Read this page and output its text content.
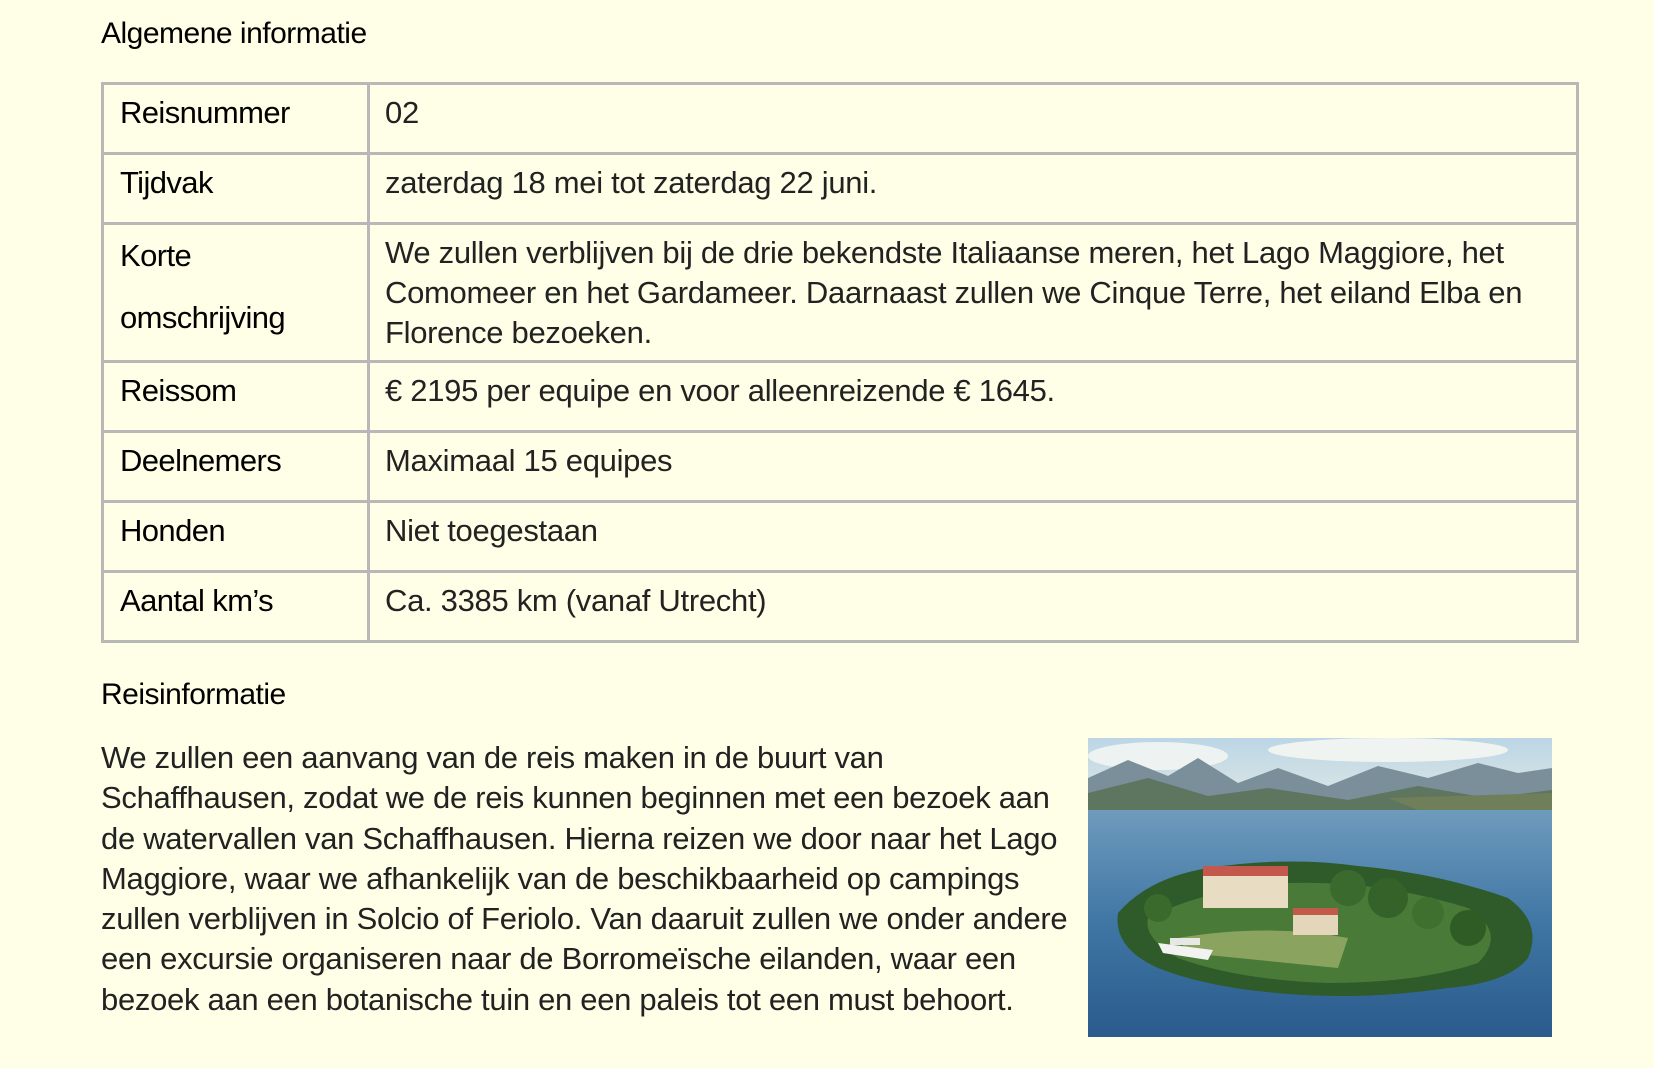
Algemene informatie
Reisnummer	02
Tijdvak	zaterdag 18 mei tot zaterdag 22 juni.
Korte
omschrijving	We zullen verblijven bij de drie bekendste Italiaanse meren, het Lago Maggiore, het Comomeer en het Gardameer. Daarnaast zullen we Cinque Terre, het eiland Elba en Florence bezoeken.
Reissom	€ 2195 per equipe en voor alleenreizende € 1645.
Deelnemers	Maximaal 15 equipes
Honden	Niet toegestaan
Aantal km’s	Ca. 3385 km (vanaf Utrecht)
Reisinformatie

We zullen een aanvang van de reis maken in de buurt van Schaffhausen, zodat we de reis kunnen beginnen met een bezoek aan de watervallen van Schaffhausen. Hierna reizen we door naar het Lago Maggiore, waar we afhankelijk van de beschikbaarheid op campings zullen verblijven in Solcio of Feriolo. Van daaruit zullen we onder andere een excursie organiseren naar de Borromeïsche eilanden, waar een bezoek aan een botanische tuin en een paleis tot een must behoort.
